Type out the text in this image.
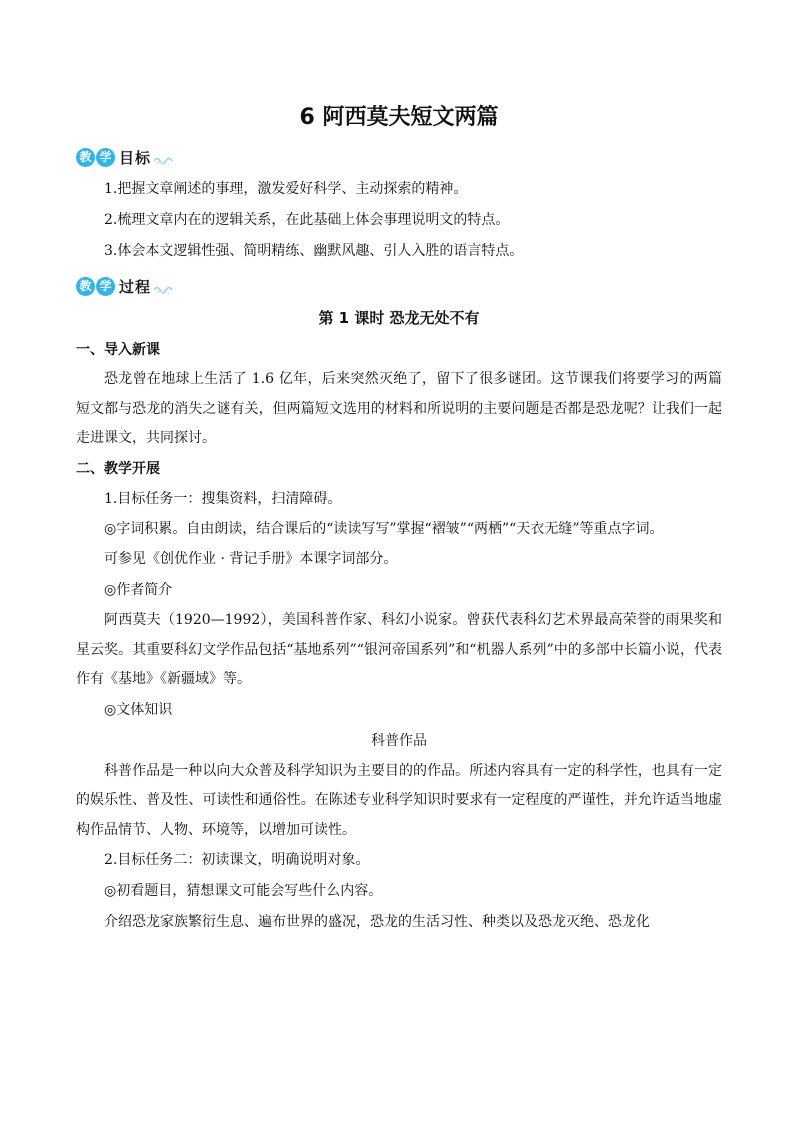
6 阿西莫夫短文两篇
教 学 目标

1.把握文章阐述的事理，激发爱好科学、主动探索的精神。

2.梳理文章内在的逻辑关系，在此基础上体会事理说明文的特点。

3.体会本文逻辑性强、简明精练、幽默风趣、引人入胜的语言特点。

教 学 过程
第 1 课时 恐龙无处不有

一、导入新课

恐龙曾在地球上生活了 1.6 亿年，后来突然灭绝了，留下了很多谜团。这节课我们将要学习的两篇短文都与恐龙的消失之谜有关，但两篇短文选用的材料和所说明的主要问题是否都是恐龙呢？让我们一起走进课文，共同探讨。

二、教学开展

1.目标任务一：搜集资料，扫清障碍。

◎字词积累。自由朗读，结合课后的“读读写写”掌握“褶皱”“两栖”“天衣无缝”等重点字词。

可参见《创优作业 · 背记手册》本课字词部分。

◎作者简介

阿西莫夫（1920—1992），美国科普作家、科幻小说家。曾获代表科幻艺术界最高荣誉的雨果奖和星云奖。其重要科幻文学作品包括“基地系列”“银河帝国系列”和“机器人系列”中的多部中长篇小说，代表作有《基地》《新疆域》等。

◎文体知识

科普作品

科普作品是一种以向大众普及科学知识为主要目的的作品。所述内容具有一定的科学性，也具有一定的娱乐性、普及性、可读性和通俗性。在陈述专业科学知识时要求有一定程度的严谨性，并允许适当地虚构作品情节、人物、环境等，以增加可读性。

2.目标任务二：初读课文，明确说明对象。

◎初看题目，猜想课文可能会写些什么内容。

介绍恐龙家族繁衍生息、遍布世界的盛况，恐龙的生活习性、种类以及恐龙灭绝、恐龙化
